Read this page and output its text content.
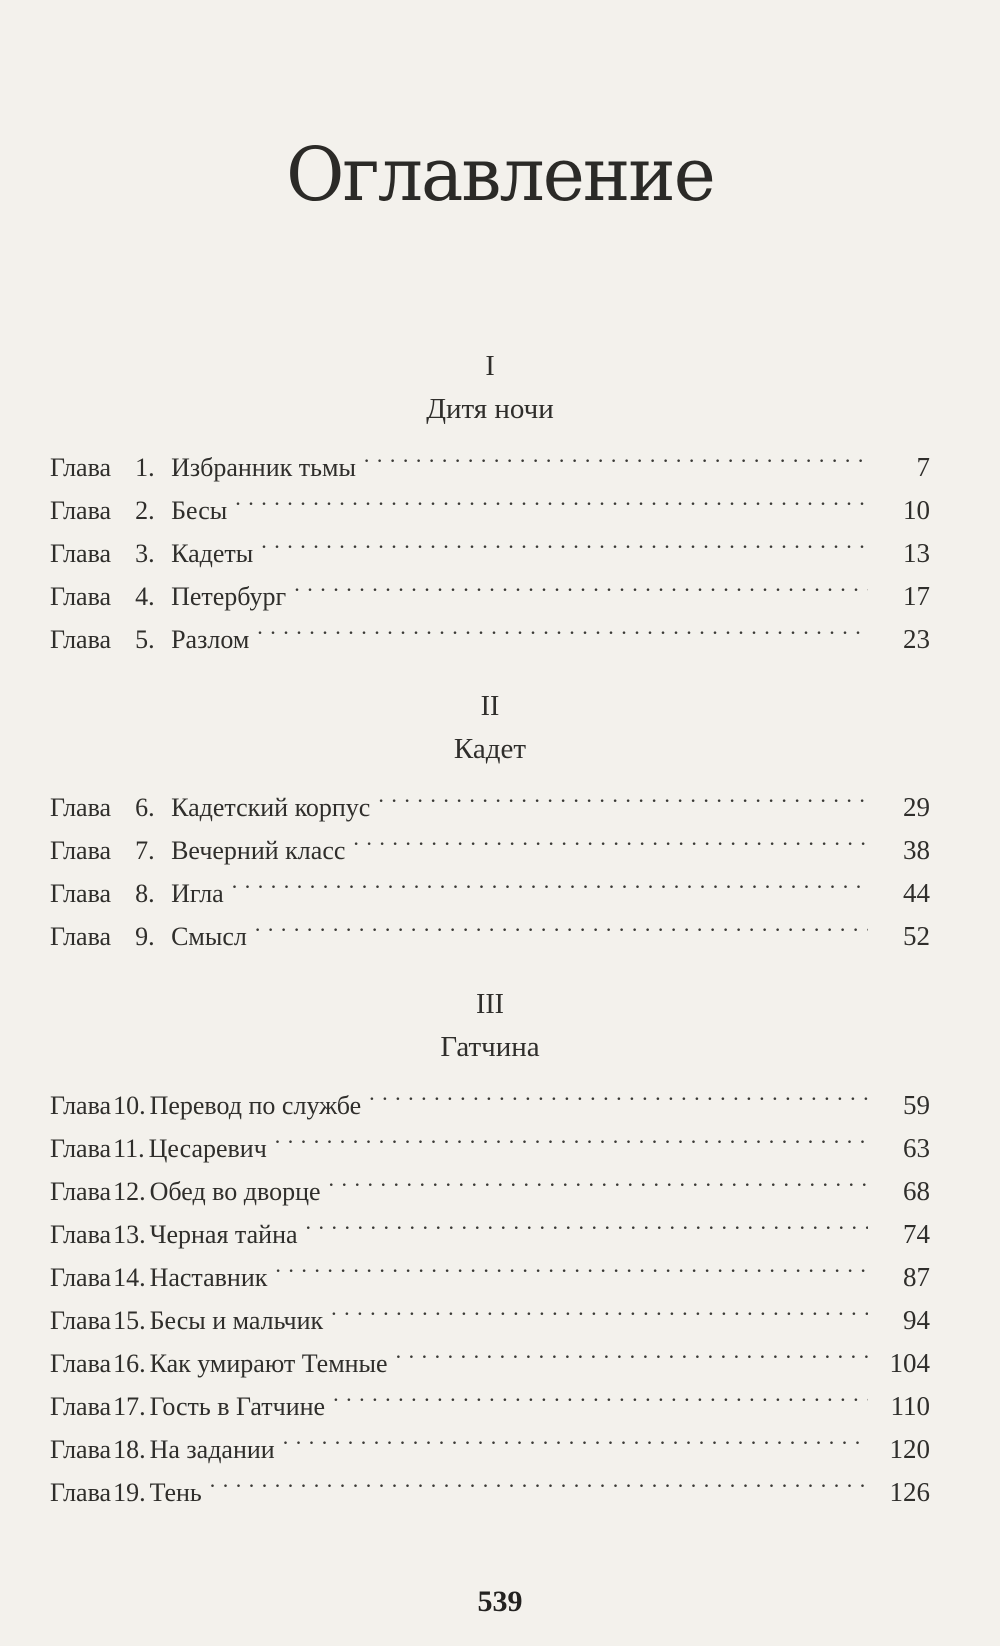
Оглавление
I
Дитя ночи
Глава 1. Избранник тьмы . . .	7
Глава 2. Бесы . . .	10
Глава 3. Кадеты . . .	13
Глава 4. Петербург . . .	17
Глава 5. Разлом . . .	23
II
Кадет
Глава 6. Кадетский корпус . . .	29
Глава 7. Вечерний класс . . .	38
Глава 8. Игла . . .	44
Глава 9. Смысл . . .	52
III
Гатчина
Глава 10. Перевод по службе . . .	59
Глава 11. Цесаревич . . .	63
Глава 12. Обед во дворце . . .	68
Глава 13. Черная тайна . . .	74
Глава 14. Наставник . . .	87
Глава 15. Бесы и мальчик . . .	94
Глава 16. Как умирают Темные . . .	104
Глава 17. Гость в Гатчине . . .	110
Глава 18. На задании . . .	120
Глава 19. Тень . . .	126
539
